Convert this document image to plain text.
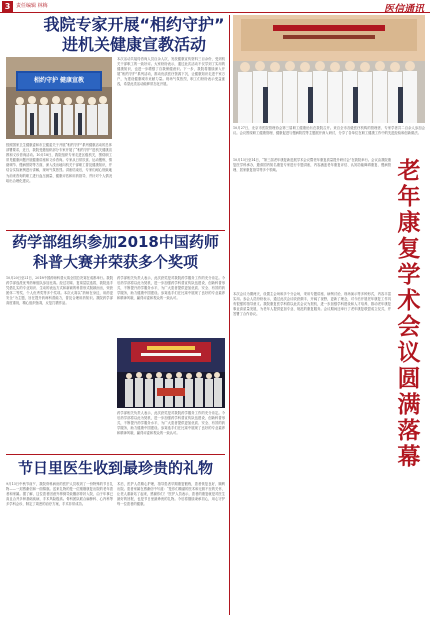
3	责任编辑 林梅	医信通讯
我院专家开展“相约守护”
进机关健康宣教活动
相约守护 健康宣教
按照国家卫生健康委和市卫健委关于开展“相约守护”系列健康活动的总体部署要求，近日，我院受邀组织部分专家开展了“相约守护”进机关健康宣教和义诊咨询活动。10月18日，我院组织专家走进区级机关，围绕职工常见健康问题开展健康讲座和义诊咨询。专家从日常饮食、运动锻炼、情绪调节、慢病预防等方面，深入浅出地向机关干部职工普及健康知识，并结合实际案例进行讲解，现场气氛热烈。讲座结束后，专家们耐心细致地为前来咨询的职工进行血压测量、健康评估和用药指导，并针对个人情况给出合理化建议。
本次活动共接待咨询人员百余人次，发放健康宣传资料三百余份，受到机关干部职工的一致好评。大家纷纷表示，通过此次活动不仅学到了实用的健康知识，也进一步增强了自我保健意识。下一步，我院将继续深入开展“相约守护”系列活动，推动优质医疗资源下沉，让健康知识走进千家万户，为建设健康城市贡献力量。现场气氛热烈，职工们纷纷表示受益匪浅，希望此类活动能够常态化开展。
药学部组织参加2018中国药师
科普大赛并荣获多个奖项
10月20日至21日，2018中国药师科普大赛全国总决赛在成都举行。我院药学部选派优秀药师组队参加比赛。经过初赛、复赛层层选拔，我院选手凭借扎实的专业知识、生动的表达方式和新颖的科普形式脱颖而出，荣获团体二等奖、个人优秀奖等多个奖项。本次大赛以“药师在身边，用药更安全”为主题，旨在提升药师科普能力，普及合理用药知识。我院药学部高度重视，精心组织备赛，反复打磨作品。
药学部相关负责人表示，此次获奖是对我院药学服务工作的充分肯定。今后药学部将以此为契机，进一步加强药学科普宣传队伍建设，创新科普形式，不断提升药学服务水平，为广大患者提供更加优质、安全、有效的药学服务，助力健康中国建设。参赛选手们在比赛中展现了良好的专业素养和精神风貌，赢得评委和观众的一致认可。
药学部相关负责人表示，此次获奖是对我院药学服务工作的充分肯定。今后药学部将以此为契机，进一步加强药学科普宣传队伍建设，创新科普形式，不断提升药学服务水平，为广大患者提供更加优质、安全、有效的药学服务，助力健康中国建设。参赛选手们在比赛中展现了良好的专业素养和精神风貌，赢得评委和观众的一致认可。
节日里医生收到最珍贵的礼物
9月13日中秋节前夕，我院骨科病房的医护人员收到了一份特殊的节日礼物——一封感谢信和一面锦旗。送来礼物的是一位刚刚康复出院的老年患者和家属。据了解，这位患者因意外摔倒导致髋部骨折入院，由于年事已高且合并多种基础疾病，手术风险极高。骨科团队联合麻醉科、心内科等多学科会诊，制定了周密的治疗方案，手术非常成功。
术后，医护人员精心护理，指导患者早期康复锻炼，患者恢复良好，顺利出院。患者家属在感谢信中写道：“是你们精湛的医术和无微不至的关怀，让老人重新站了起来，感谢你们！”医护人员表示，患者的康复就是对医生最好的回报，也是节日里最珍贵的礼物。今后将继续秉承初心，用心守护每一位患者的健康。
10月27日，北京市医院管理协会第三届职工健康论坛在我院召开。来自全市各级医疗机构的管理者、专家学者共二百余人参加会议。会议围绕职工健康管理、健康促进与慢病防控等主题展开深入研讨，分享了各单位在职工健康工作中的先进经验和创新做法。
老年康复学术会议圆满落幕
10月13日至14日，“第三届老年康复新进展学术会议暨老年康复质量提升研讨会”在我院举行。会议由我院康复医学科承办，邀请国内知名康复专家进行专题讲座，内容涵盖老年康复评估、认知功能障碍康复、慢病管理、居家康复指导等多个领域。
本次会议为期两天，设置主会场和多个分会场，采用专题讲座、病例讨论、现场演示等多种形式，内容丰富实用。参会人员纷纷表示，通过此次会议收获颇丰，开阔了视野，更新了理念，对今后开展老年康复工作具有很强的指导意义。我院康复医学科将以此次会议为契机，进一步加强学科建设和人才培养，推动老年康复事业高质量发展，为老年人提供更加专业、规范的康复服务。会议期间还举行了老年康复联盟成立仪式，并签署了合作协议。
